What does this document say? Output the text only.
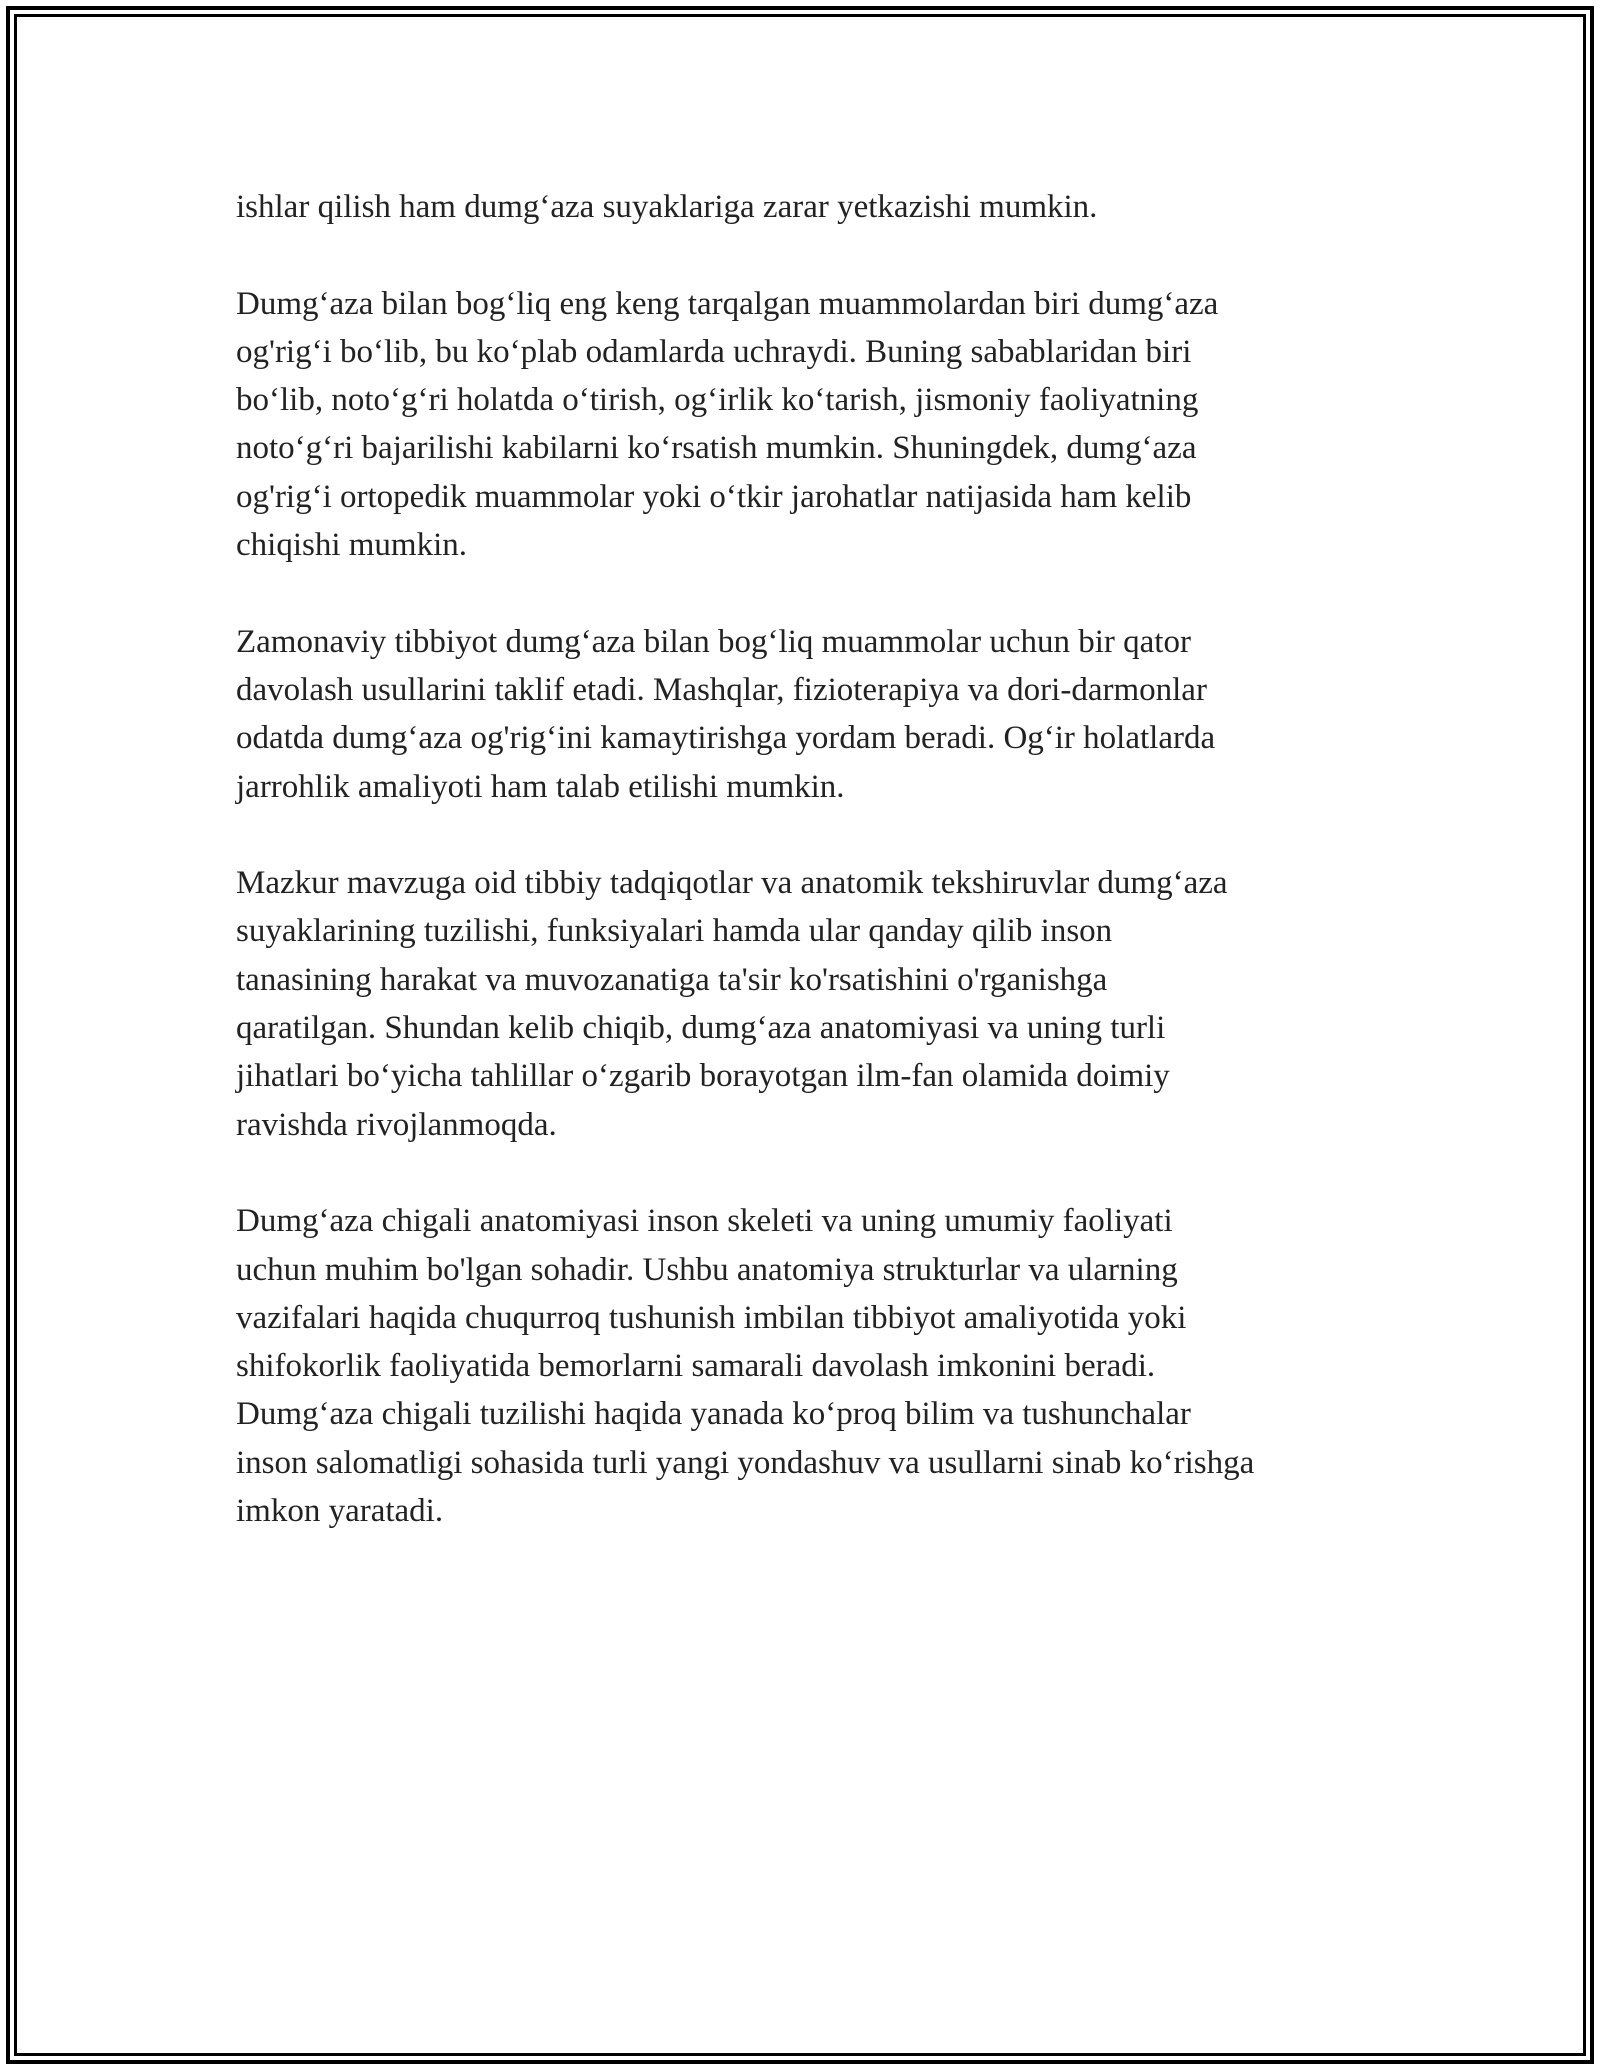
ishlar qilish ham dumg‘aza suyaklariga zarar yetkazishi mumkin.
Dumg‘aza bilan bog‘liq eng keng tarqalgan muammolardan biri dumg‘aza
og'rig‘i bo‘lib, bu ko‘plab odamlarda uchraydi. Buning sabablaridan biri
bo‘lib, noto‘g‘ri holatda o‘tirish, og‘irlik ko‘tarish, jismoniy faoliyatning
noto‘g‘ri bajarilishi kabilarni ko‘rsatish mumkin. Shuningdek, dumg‘aza
og'rig‘i ortopedik muammolar yoki o‘tkir jarohatlar natijasida ham kelib
chiqishi mumkin.
Zamonaviy tibbiyot dumg‘aza bilan bog‘liq muammolar uchun bir qator
davolash usullarini taklif etadi. Mashqlar, fizioterapiya va dori-darmonlar
odatda dumg‘aza og'rig‘ini kamaytirishga yordam beradi. Og‘ir holatlarda
jarrohlik amaliyoti ham talab etilishi mumkin.
Mazkur mavzuga oid tibbiy tadqiqotlar va anatomik tekshiruvlar dumg‘aza
suyaklarining tuzilishi, funksiyalari hamda ular qanday qilib inson
tanasining harakat va muvozanatiga ta'sir ko'rsatishini o'rganishga
qaratilgan. Shundan kelib chiqib, dumg‘aza anatomiyasi va uning turli
jihatlari bo‘yicha tahlillar o‘zgarib borayotgan ilm-fan olamida doimiy
ravishda rivojlanmoqda.
Dumg‘aza chigali anatomiyasi inson skeleti va uning umumiy faoliyati
uchun muhim bo'lgan sohadir. Ushbu anatomiya strukturlar va ularning
vazifalari haqida chuqurroq tushunish imbilan tibbiyot amaliyotida yoki
shifokorlik faoliyatida bemorlarni samarali davolash imkonini beradi.
Dumg‘aza chigali tuzilishi haqida yanada ko‘proq bilim va tushunchalar
inson salomatligi sohasida turli yangi yondashuv va usullarni sinab ko‘rishga
imkon yaratadi.
